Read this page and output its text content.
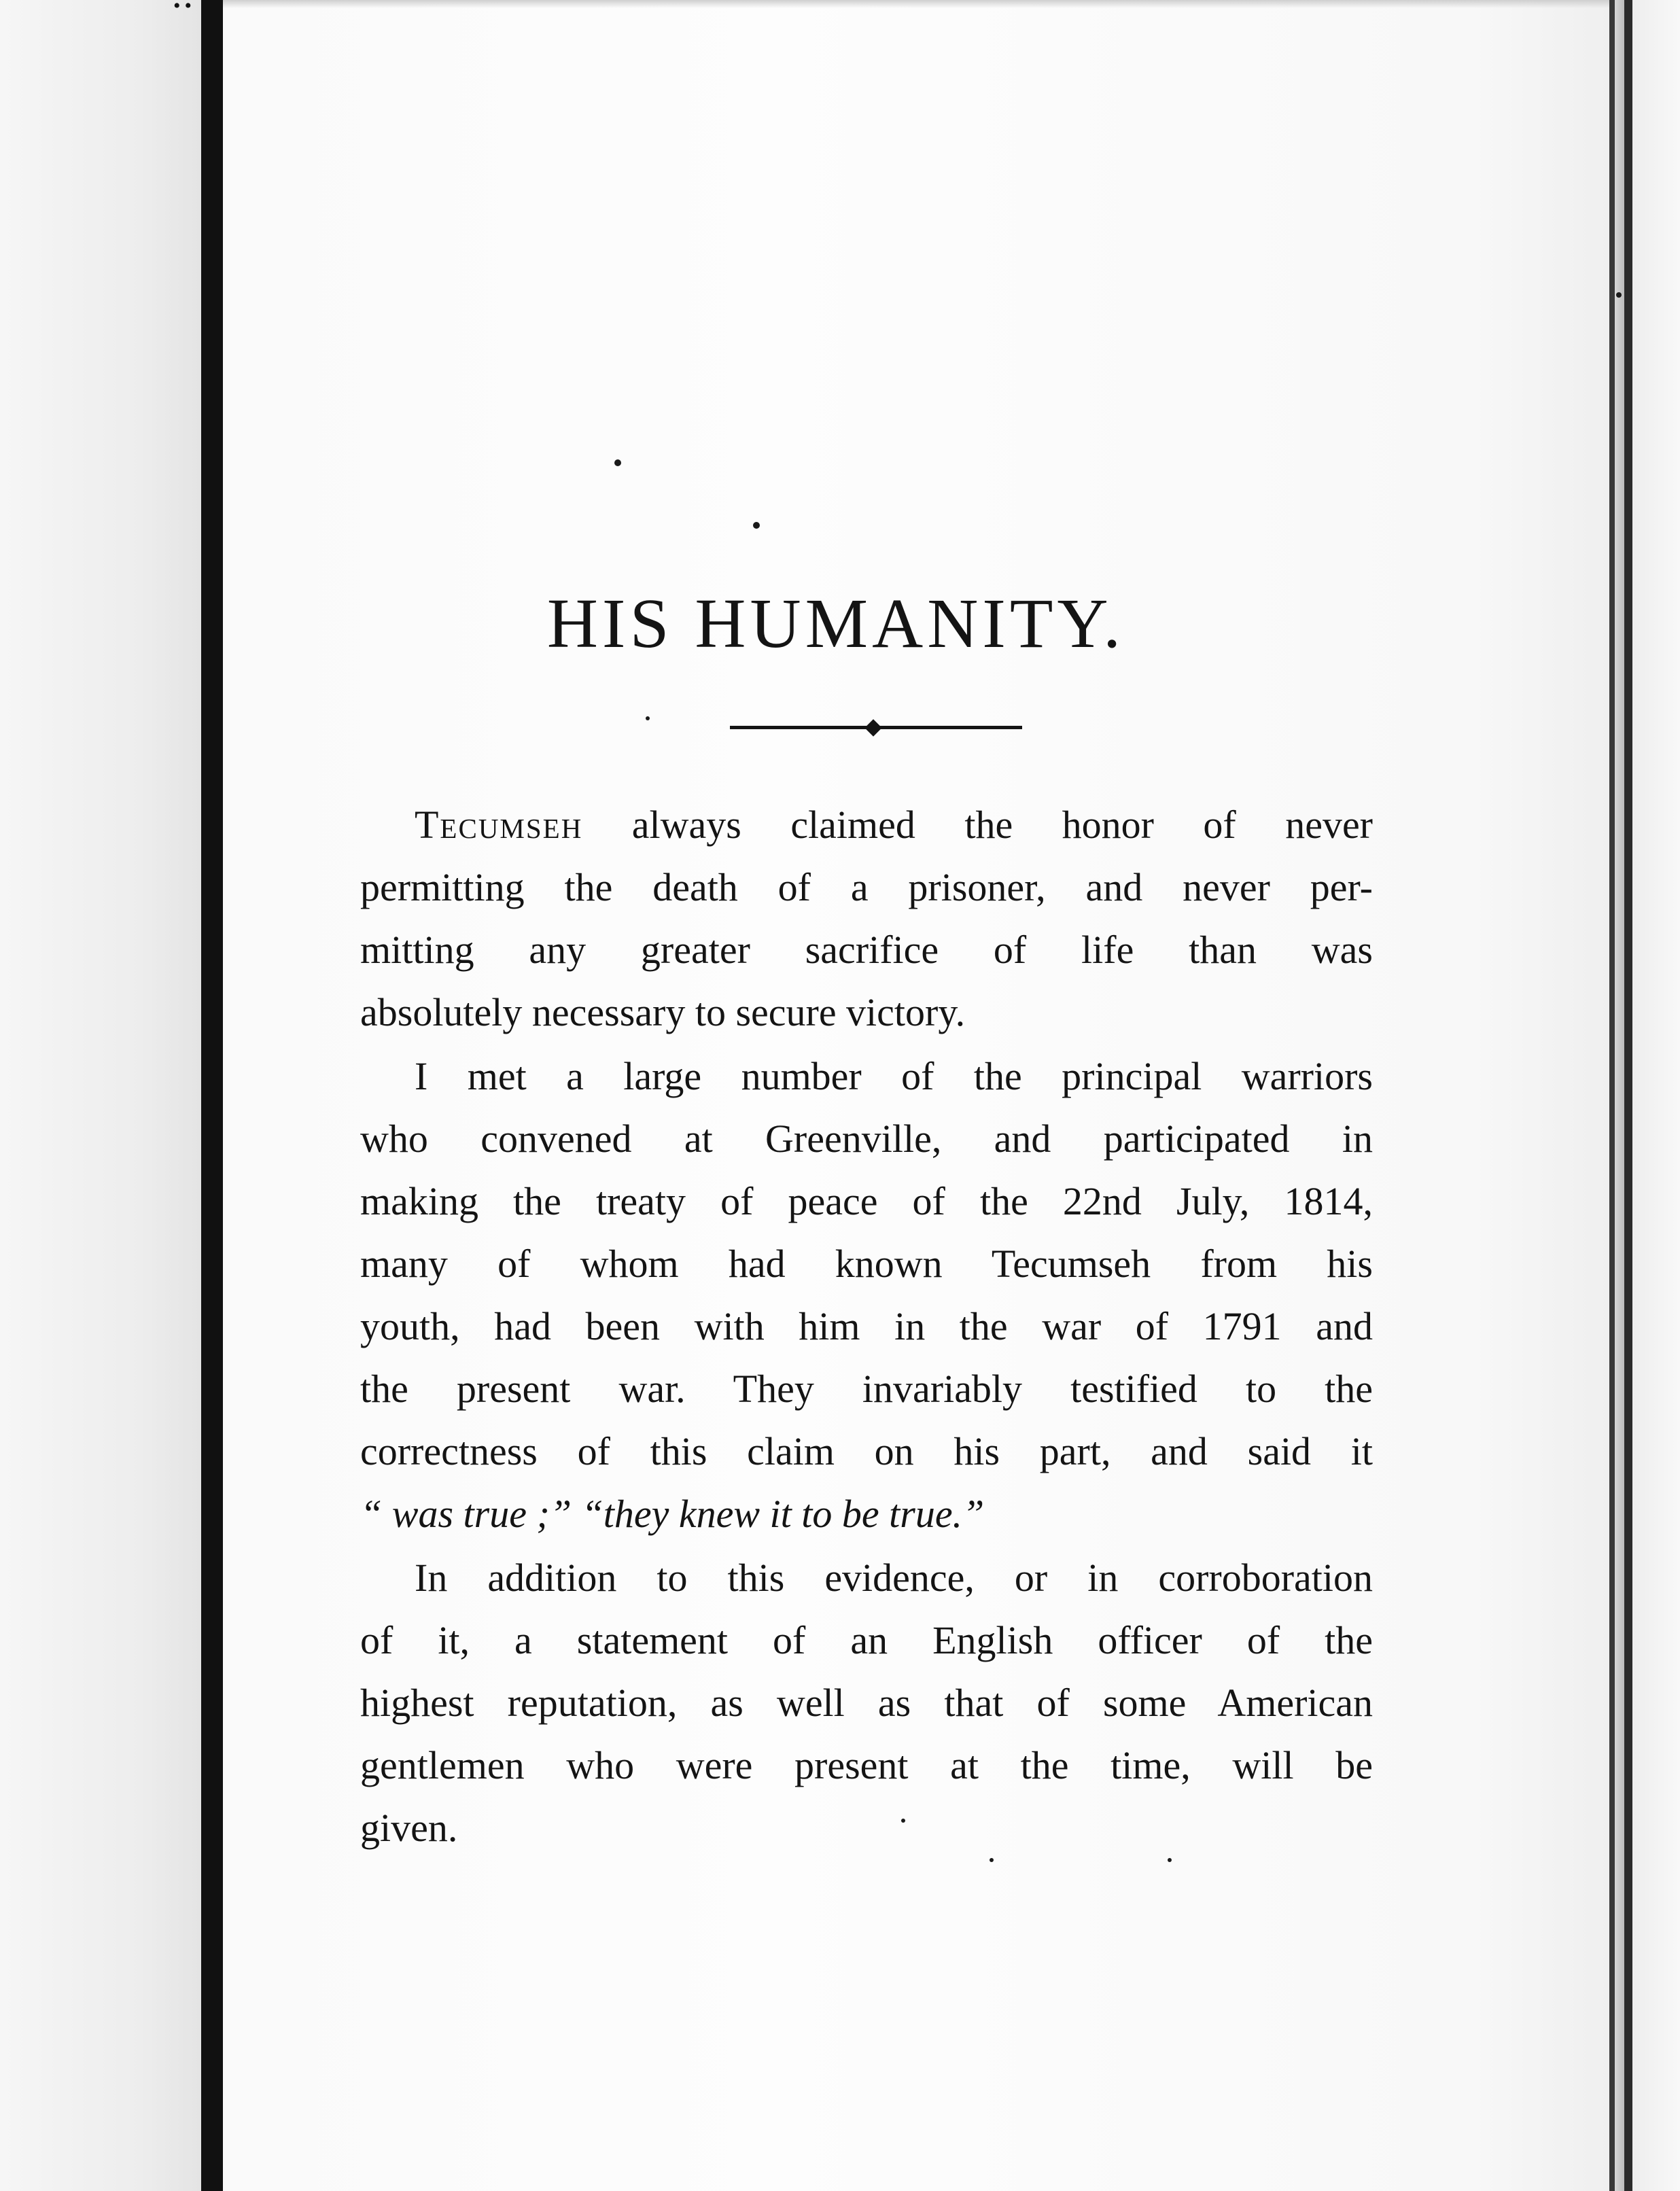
••
HIS HUMANITY.

Tecumseh always claimed the honor of never
permitting the death of a prisoner, and never per-
mitting any greater sacrifice of life than was
absolutely necessary to secure victory.

I met a large number of the principal warriors
who convened at Greenville, and participated in
making the treaty of peace of the 22nd July, 1814,
many of whom had known Tecumseh from his
youth, had been with him in the war of 1791 and
the present war. They invariably testified to the
correctness of this claim on his part, and said it
“ was true ;” “they knew it to be true.”

In addition to this evidence, or in corroboration
of it, a statement of an English officer of the
highest reputation, as well as that of some American
gentlemen who were present at the time, will be
given.
